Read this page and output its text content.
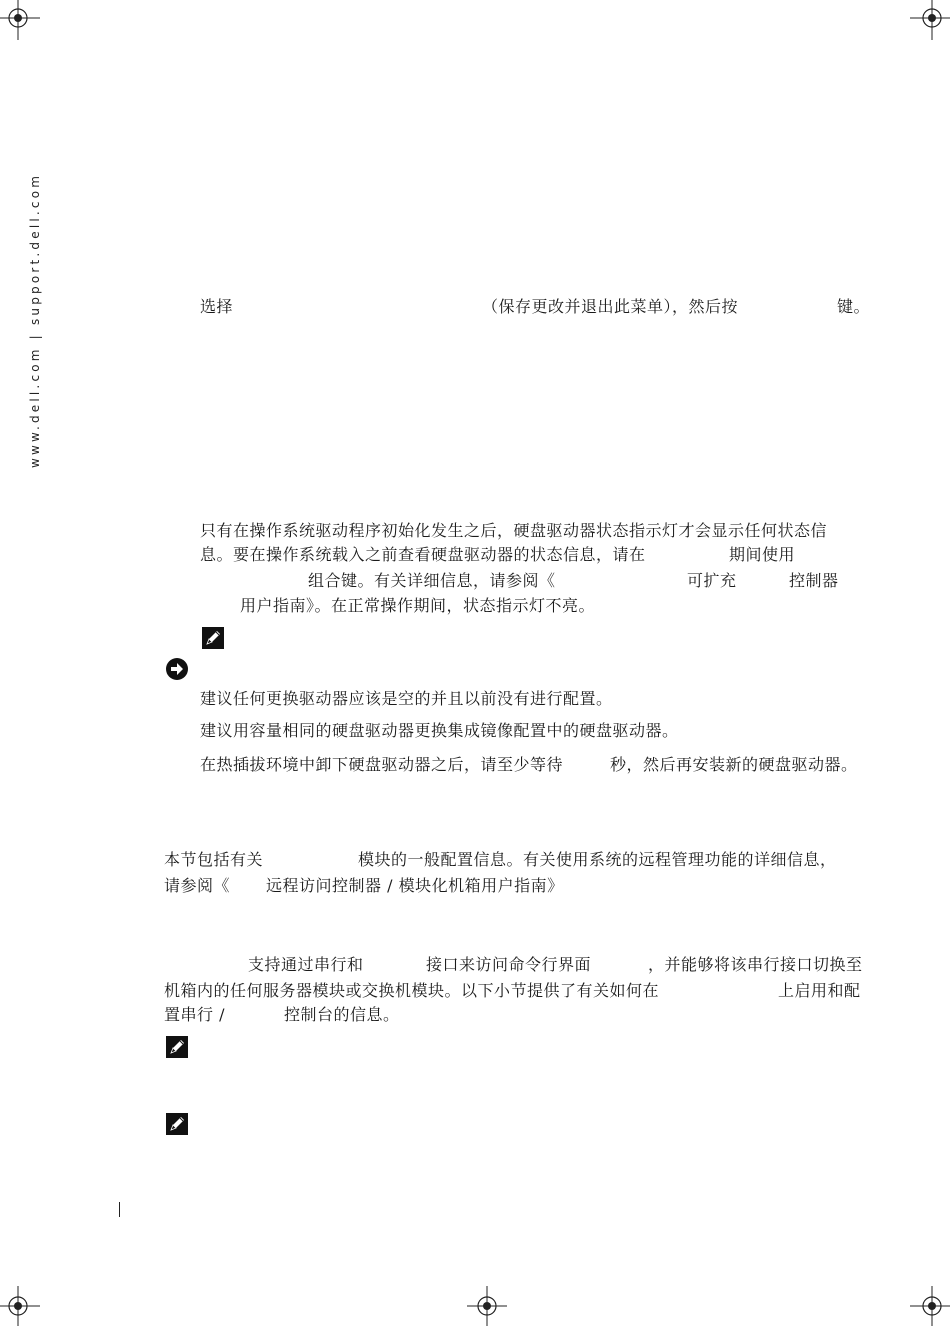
www.dell.com | support.dell.com	选择	（保存更改并退出此菜单），然后按	键。
只有在操作系统驱动程序初始化发生之后，硬盘驱动器状态指示灯才会显示任何状态信
息。要在操作系统载入之前查看硬盘驱动器的状态信息，请在	期间使用
组合键。有关详细信息，请参阅《	可扩充	控制器
用户指南》。在正常操作期间，状态指示灯不亮。
建议任何更换驱动器应该是空的并且以前没有进行配置。
建议用容量相同的硬盘驱动器更换集成镜像配置中的硬盘驱动器。
在热插拔环境中卸下硬盘驱动器之后，请至少等待	秒，然后再安装新的硬盘驱动器。
本节包括有关	模块的一般配置信息。有关使用系统的远程管理功能的详细信息，
请参阅《 远程访问控制器 / 模块化机箱用户指南》
支持通过串行和	接口来访问命令行界面	，并能够将该串行接口切换至
机箱内的任何服务器模块或交换机模块。以下小节提供了有关如何在	上启用和配
置串行 /	控制台的信息。
